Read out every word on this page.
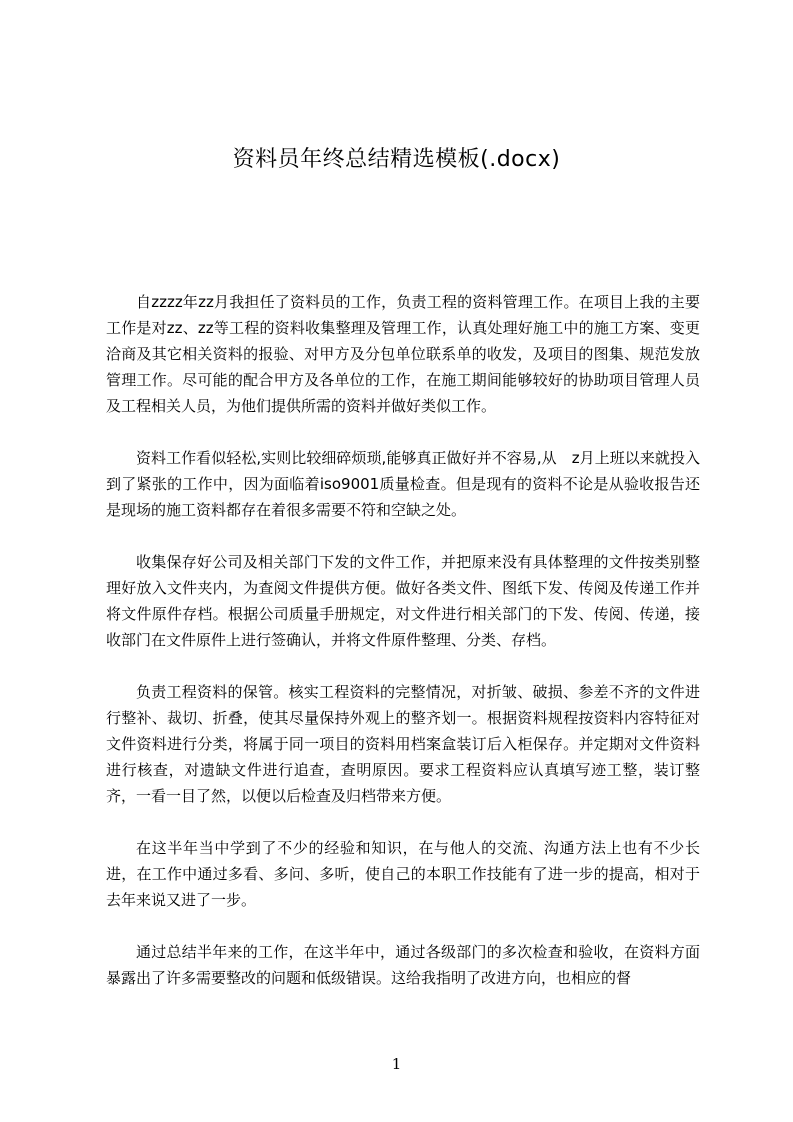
资料员年终总结精选模板(.docx)

自zzzz年zz月我担任了资料员的工作，负责工程的资料管理工作。在项目上我的主要工作是对zz、zz等工程的资料收集整理及管理工作，认真处理好施工中的施工方案、变更洽商及其它相关资料的报验、对甲方及分包单位联系单的收发，及项目的图集、规范发放管理工作。尽可能的配合甲方及各单位的工作，在施工期间能够较好的协助项目管理人员及工程相关人员，为他们提供所需的资料并做好类似工作。

资料工作看似轻松,实则比较细碎烦琐,能够真正做好并不容易,从　z月上班以来就投入到了紧张的工作中，因为面临着iso9001质量检查。但是现有的资料不论是从验收报告还是现场的施工资料都存在着很多需要不符和空缺之处。

收集保存好公司及相关部门下发的文件工作，并把原来没有具体整理的文件按类别整理好放入文件夹内，为查阅文件提供方便。做好各类文件、图纸下发、传阅及传递工作并将文件原件存档。根据公司质量手册规定，对文件进行相关部门的下发、传阅、传递，接收部门在文件原件上进行签确认，并将文件原件整理、分类、存档。

负责工程资料的保管。核实工程资料的完整情况，对折皱、破损、参差不齐的文件进行整补、裁切、折叠，使其尽量保持外观上的整齐划一。根据资料规程按资料内容特征对文件资料进行分类，将属于同一项目的资料用档案盒装订后入柜保存。并定期对文件资料进行核查，对遗缺文件进行追查，查明原因。要求工程资料应认真填写迹工整，装订整齐，一看一目了然，以便以后检查及归档带来方便。

在这半年当中学到了不少的经验和知识，在与他人的交流、沟通方法上也有不少长进，在工作中通过多看、多问、多听，使自己的本职工作技能有了进一步的提高，相对于去年来说又进了一步。

通过总结半年来的工作，在这半年中，通过各级部门的多次检查和验收，在资料方面暴露出了许多需要整改的问题和低级错误。这给我指明了改进方向，也相应的督

1
